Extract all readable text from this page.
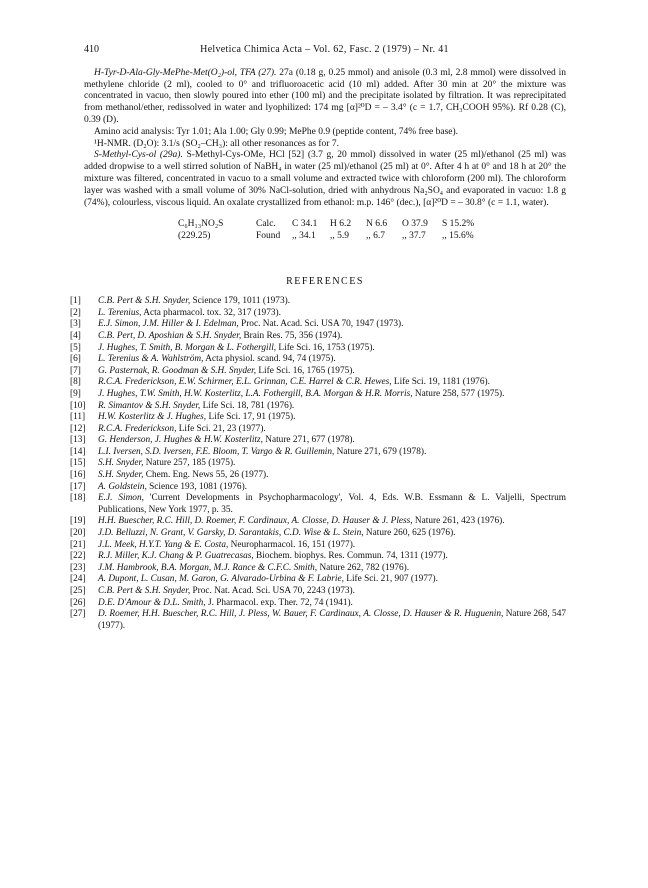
410	Helvetica Chimica Acta – Vol. 62, Fasc. 2 (1979) – Nr. 41

H-Tyr-D-Ala-Gly-MePhe-Met(O₂)-ol, TFA (27). 27a (0.18 g, 0.25 mmol) and anisole (0.3 ml, 2.8 mmol) were dissolved in methylene chloride (2 ml), cooled to 0° and trifluoroacetic acid (10 ml) added. After 30 min at 20° the mixture was concentrated in vacuo, then slowly poured into ether (100 ml) and the precipitate isolated by filtration. It was reprecipitated from methanol/ether, redissolved in water and lyophilized: 174 mg [α]²⁰D = – 3.4° (c = 1.7, CH₃COOH 95%). Rf 0.28 (C), 0.39 (D).

Amino acid analysis: Tyr 1.01; Ala 1.00; Gly 0.99; MePhe 0.9 (peptide content, 74% free base).

¹H-NMR. (D₂O): 3.1/s (SO₂–CH₃): all other resonances as for 7.

S-Methyl-Cys-ol (29a). S-Methyl-Cys-OMe, HCl [52] (3.7 g, 20 mmol) dissolved in water (25 ml)/ethanol (25 ml) was added dropwise to a well stirred solution of NaBH₄ in water (25 ml)/ethanol (25 ml) at 0°. After 4 h at 0° and 18 h at 20° the mixture was filtered, concentrated in vacuo to a small volume and extracted twice with chloroform (200 ml). The chloroform layer was washed with a small volume of 30% NaCl-solution, dried with anhydrous Na₂SO₄ and evaporated in vacuo: 1.8 g (74%), colourless, viscous liquid. An oxalate crystallized from ethanol: m.p. 146° (dec.), [α]²⁰D = – 30.8° (c = 1.1, water).

C₆H₁₃NO₂S	Calc.	C 34.1	H 6.2	N 6.6	O 37.9	S 15.2%
(229.25)	Found	,, 34.1	,, 5.9	,, 6.7	,, 37.7	,, 15.6%
REFERENCES
[1]	C.B. Pert & S.H. Snyder, Science 179, 1011 (1973).
[2]	L. Terenius, Acta pharmacol. tox. 32, 317 (1973).
[3]	E.J. Simon, J.M. Hiller & I. Edelman, Proc. Nat. Acad. Sci. USA 70, 1947 (1973).
[4]	C.B. Pert, D. Aposhian & S.H. Snyder, Brain Res. 75, 356 (1974).
[5]	J. Hughes, T. Smith, B. Morgan & L. Fothergill, Life Sci. 16, 1753 (1975).
[6]	L. Terenius & A. Wahlström, Acta physiol. scand. 94, 74 (1975).
[7]	G. Pasternak, R. Goodman & S.H. Snyder, Life Sci. 16, 1765 (1975).
[8]	R.C.A. Frederickson, E.W. Schirmer, E.L. Grinnan, C.E. Harrel & C.R. Hewes, Life Sci. 19, 1181 (1976).
[9]	J. Hughes, T.W. Smith, H.W. Kosterlitz, L.A. Fothergill, B.A. Morgan & H.R. Morris, Nature 258, 577 (1975).
[10]	R. Simantov & S.H. Snyder, Life Sci. 18, 781 (1976).
[11]	H.W. Kosterlitz & J. Hughes, Life Sci. 17, 91 (1975).
[12]	R.C.A. Frederickson, Life Sci. 21, 23 (1977).
[13]	G. Henderson, J. Hughes & H.W. Kosterlitz, Nature 271, 677 (1978).
[14]	L.I. Iversen, S.D. Iversen, F.E. Bloom, T. Vargo & R. Guillemin, Nature 271, 679 (1978).
[15]	S.H. Snyder, Nature 257, 185 (1975).
[16]	S.H. Snyder, Chem. Eng. News 55, 26 (1977).
[17]	A. Goldstein, Science 193, 1081 (1976).
[18]	E.J. Simon, 'Current Developments in Psychopharmacology', Vol. 4, Eds. W.B. Essmann & L. Valjelli, Spectrum Publications, New York 1977, p. 35.
[19]	H.H. Buescher, R.C. Hill, D. Roemer, F. Cardinaux, A. Closse, D. Hauser & J. Pless, Nature 261, 423 (1976).
[20]	J.D. Belluzzi, N. Grant, V. Garsky, D. Sarantakis, C.D. Wise & L. Stein, Nature 260, 625 (1976).
[21]	J.L. Meek, H.Y.T. Yang & E. Costa, Neuropharmacol. 16, 151 (1977).
[22]	R.J. Miller, K.J. Chang & P. Guatrecasas, Biochem. biophys. Res. Commun. 74, 1311 (1977).
[23]	J.M. Hambrook, B.A. Morgan, M.J. Rance & C.F.C. Smith, Nature 262, 782 (1976).
[24]	A. Dupont, L. Cusan, M. Garon, G. Alvarado-Urbina & F. Labrie, Life Sci. 21, 907 (1977).
[25]	C.B. Pert & S.H. Snyder, Proc. Nat. Acad. Sci. USA 70, 2243 (1973).
[26]	D.E. D'Amour & D.L. Smith, J. Pharmacol. exp. Ther. 72, 74 (1941).
[27]	D. Roemer, H.H. Buescher, R.C. Hill, J. Pless, W. Bauer, F. Cardinaux, A. Closse, D. Hauser & R. Huguenin, Nature 268, 547 (1977).
